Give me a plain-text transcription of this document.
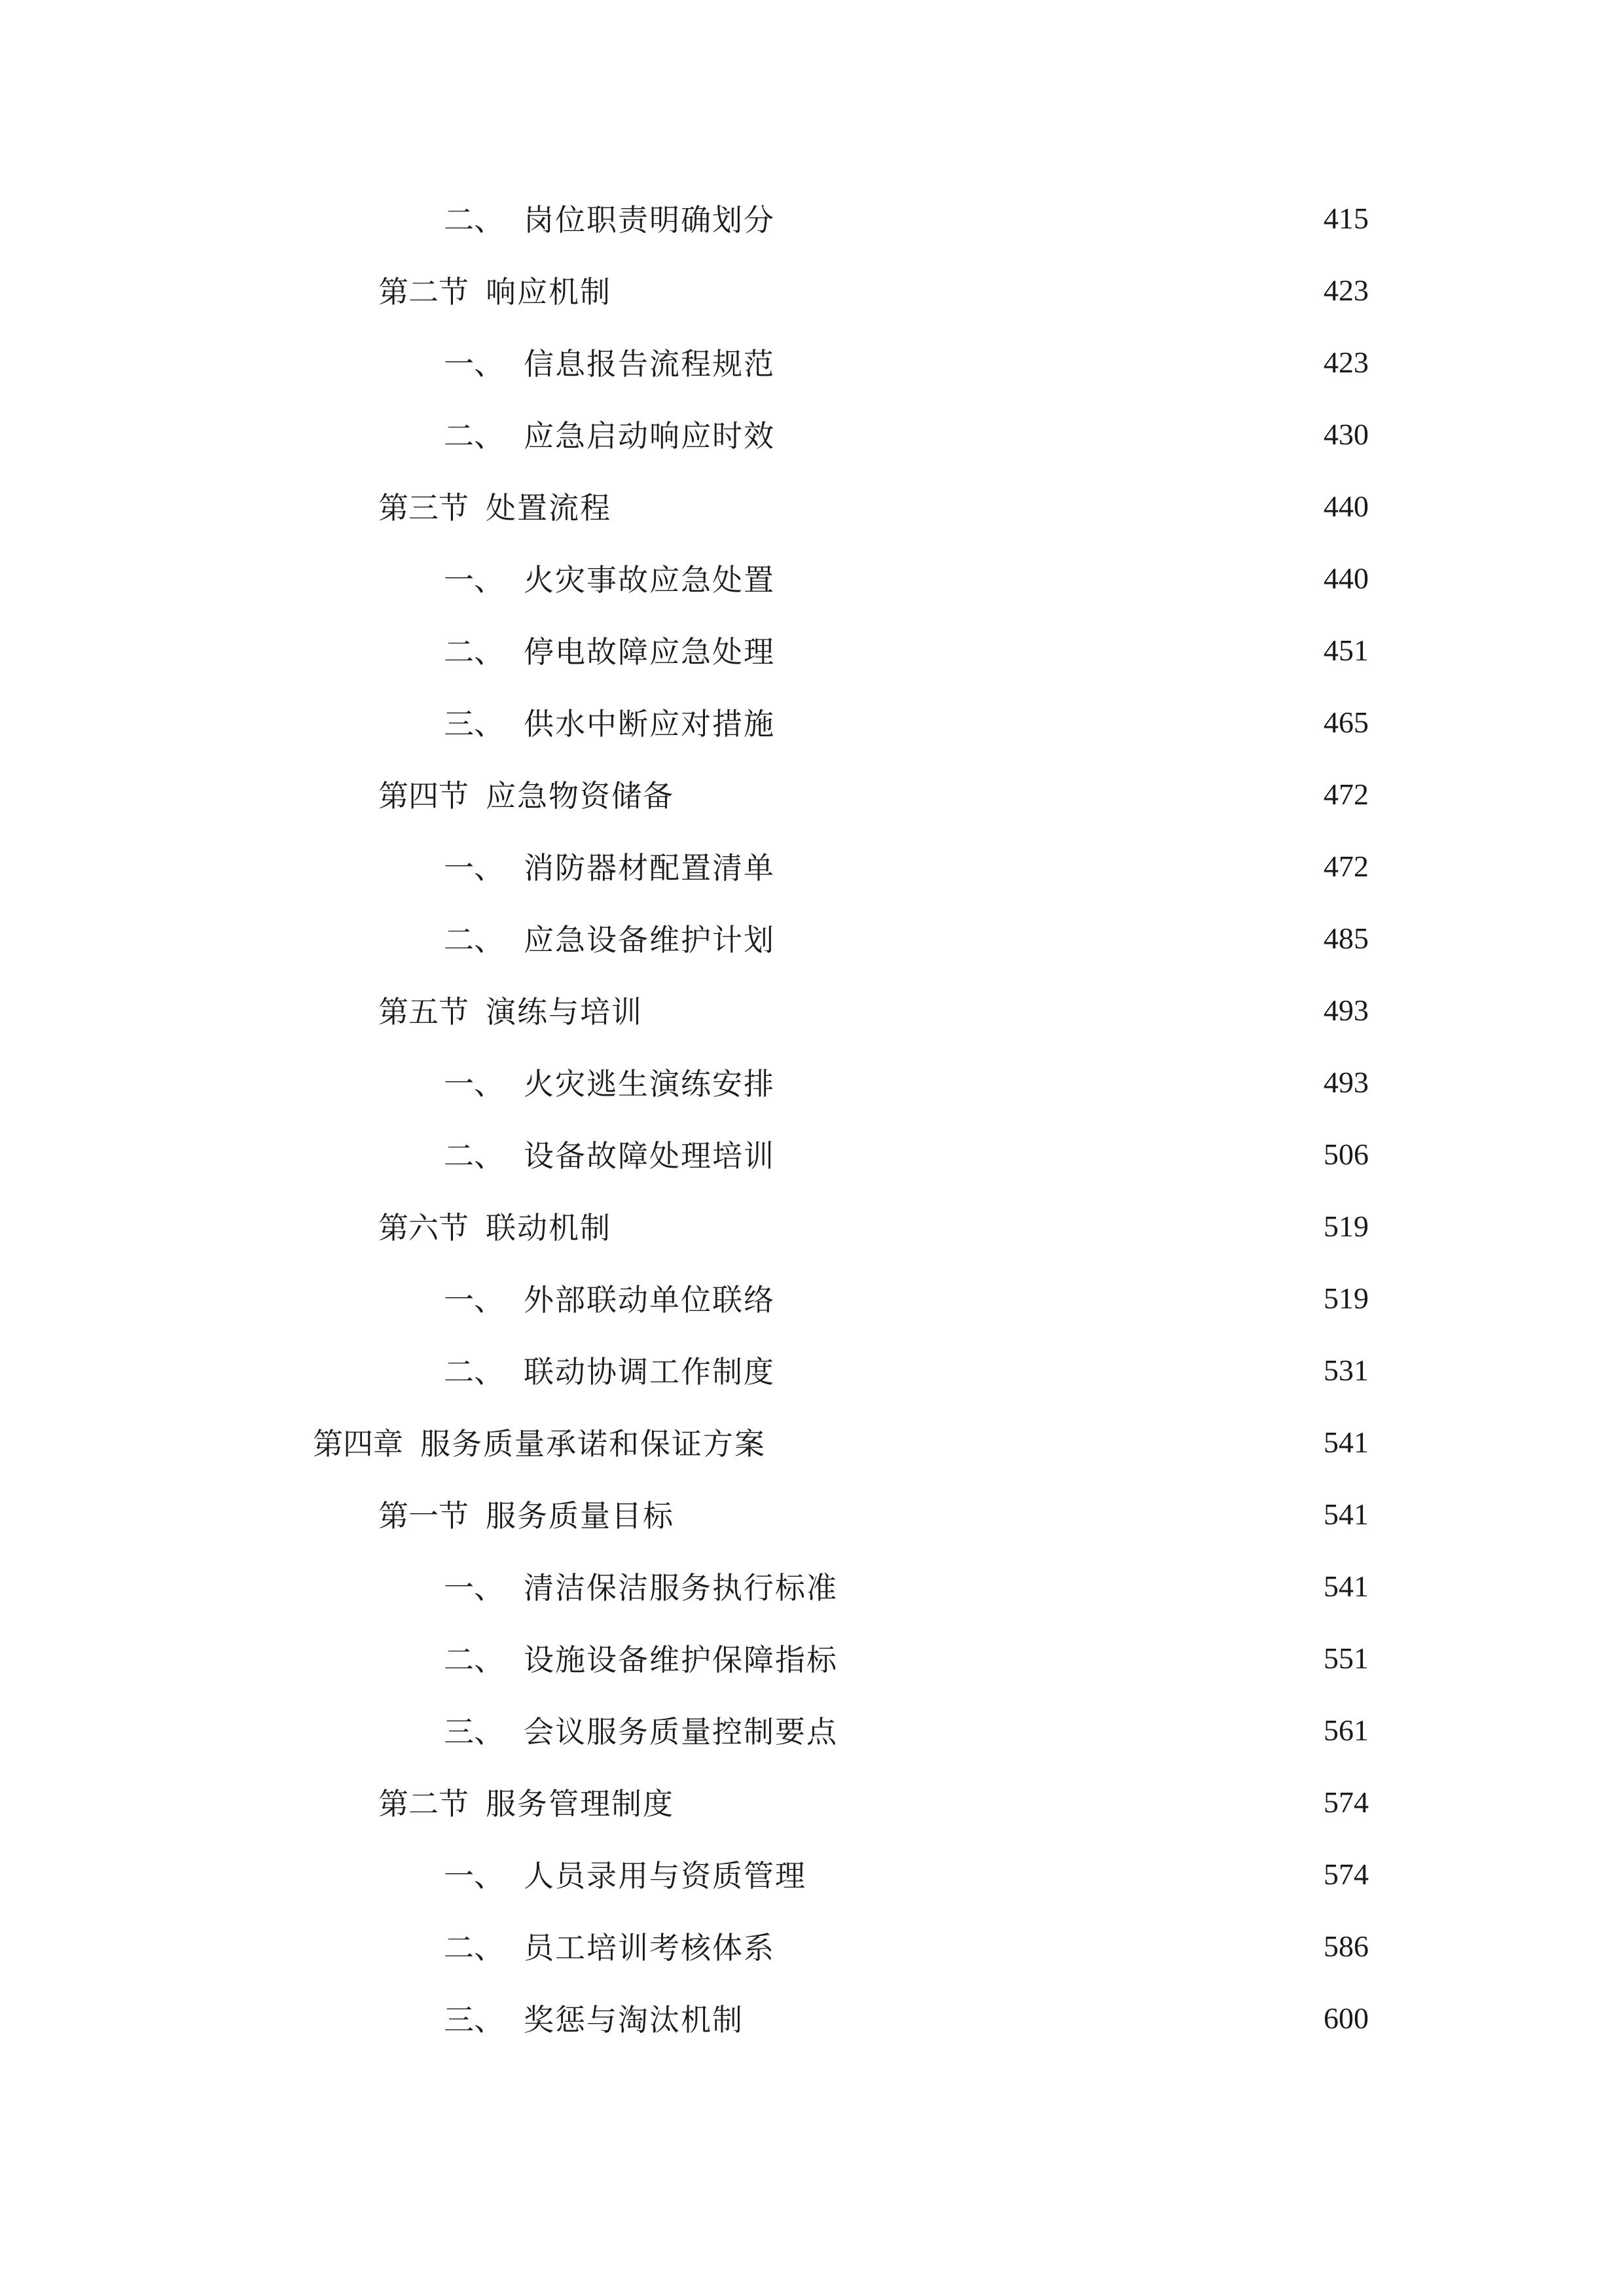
二、 岗位职责明确划分	415
第二节 响应机制	423
一、 信息报告流程规范	423
二、 应急启动响应时效	430
第三节 处置流程	440
一、 火灾事故应急处置	440
二、 停电故障应急处理	451
三、 供水中断应对措施	465
第四节 应急物资储备	472
一、 消防器材配置清单	472
二、 应急设备维护计划	485
第五节 演练与培训	493
一、 火灾逃生演练安排	493
二、 设备故障处理培训	506
第六节 联动机制	519
一、 外部联动单位联络	519
二、 联动协调工作制度	531
第四章 服务质量承诺和保证方案	541
第一节 服务质量目标	541
一、 清洁保洁服务执行标准	541
二、 设施设备维护保障指标	551
三、 会议服务质量控制要点	561
第二节 服务管理制度	574
一、 人员录用与资质管理	574
二、 员工培训考核体系	586
三、 奖惩与淘汰机制	600
